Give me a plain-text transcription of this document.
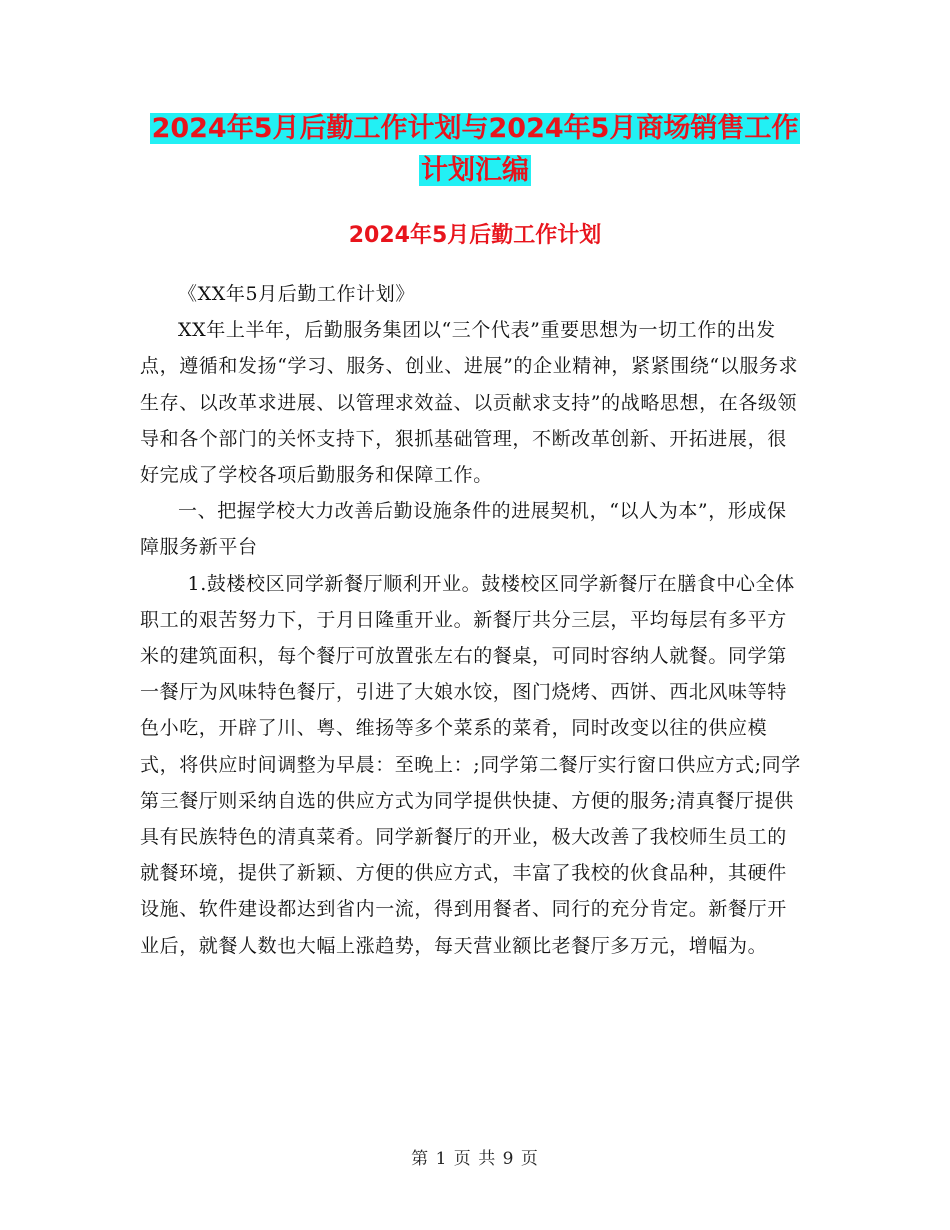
2024年5月后勤工作计划与2024年5月商场销售工作
计划汇编
2024年5月后勤工作计划

《XX年5月后勤工作计划》

XX年上半年，后勤服务集团以“三个代表”重要思想为一切工作的出发点，遵循和发扬“学习、服务、创业、进展”的企业精神，紧紧围绕“以服务求生存、以改革求进展、以管理求效益、以贡献求支持”的战略思想，在各级领导和各个部门的关怀支持下，狠抓基础管理，不断改革创新、开拓进展，很好完成了学校各项后勤服务和保障工作。

一、把握学校大力改善后勤设施条件的进展契机，“以人为本”，形成保障服务新平台

1.鼓楼校区同学新餐厅顺利开业。鼓楼校区同学新餐厅在膳食中心全体职工的艰苦努力下，于月日隆重开业。新餐厅共分三层，平均每层有多平方米的建筑面积，每个餐厅可放置张左右的餐桌，可同时容纳人就餐。同学第一餐厅为风味特色餐厅，引进了大娘水饺，图门烧烤、西饼、西北风味等特色小吃，开辟了川、粤、维扬等多个菜系的菜肴，同时改变以往的供应模式，将供应时间调整为早晨：至晚上：;同学第二餐厅实行窗口供应方式;同学第三餐厅则采纳自选的供应方式为同学提供快捷、方便的服务;清真餐厅提供具有民族特色的清真菜肴。同学新餐厅的开业，极大改善了我校师生员工的就餐环境，提供了新颖、方便的供应方式，丰富了我校的伙食品种，其硬件设施、软件建设都达到省内一流，得到用餐者、同行的充分肯定。新餐厅开业后，就餐人数也大幅上涨趋势，每天营业额比老餐厅多万元，增幅为。

第 1 页 共 9 页
